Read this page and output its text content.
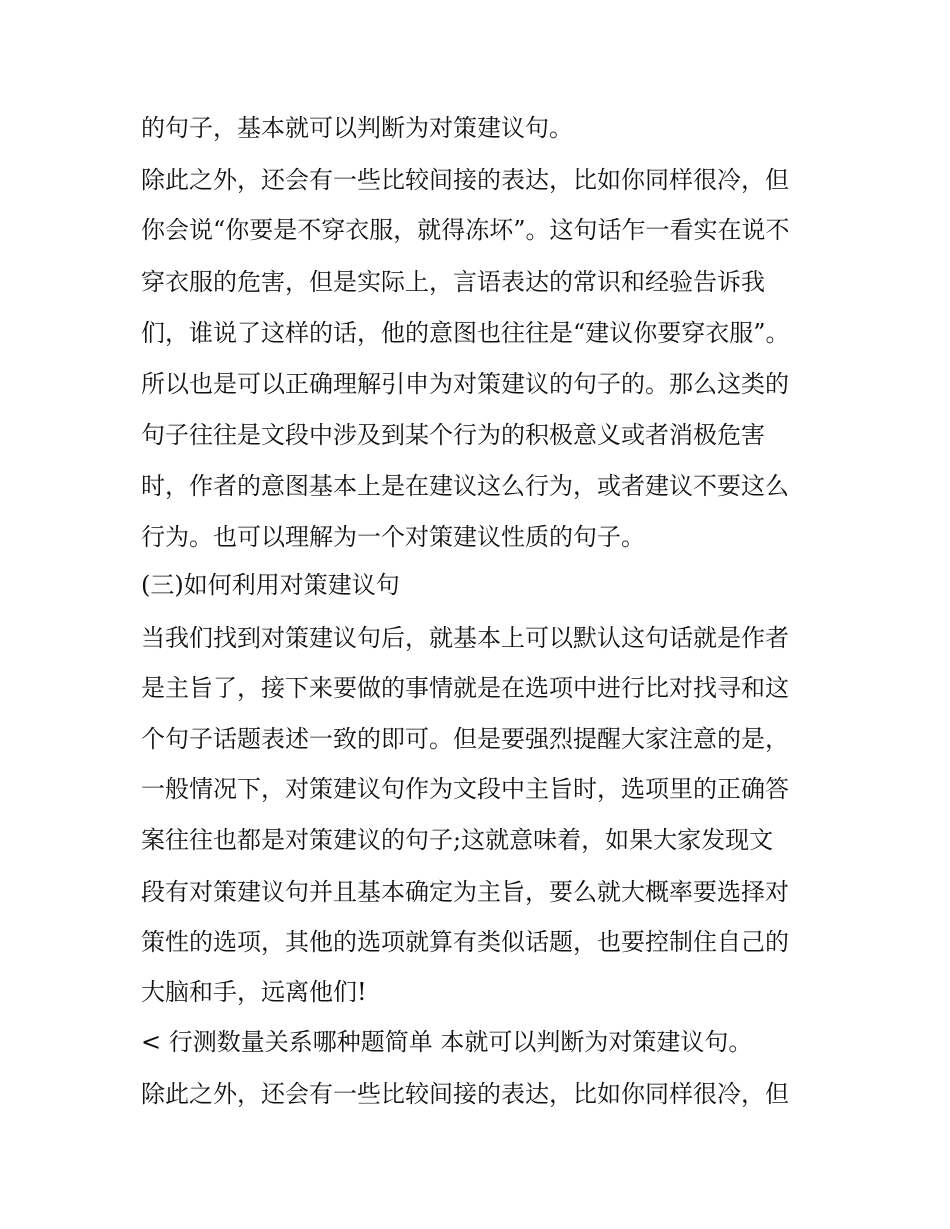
的句子，基本就可以判断为对策建议句。
除此之外，还会有一些比较间接的表达，比如你同样很冷，但
你会说“你要是不穿衣服，就得冻坏”。这句话乍一看实在说不
穿衣服的危害，但是实际上，言语表达的常识和经验告诉我
们，谁说了这样的话，他的意图也往往是“建议你要穿衣服”。
所以也是可以正确理解引申为对策建议的句子的。那么这类的
句子往往是文段中涉及到某个行为的积极意义或者消极危害
时，作者的意图基本上是在建议这么行为，或者建议不要这么
行为。也可以理解为一个对策建议性质的句子。
(三)如何利用对策建议句
当我们找到对策建议句后，就基本上可以默认这句话就是作者
是主旨了，接下来要做的事情就是在选项中进行比对找寻和这
个句子话题表述一致的即可。但是要强烈提醒大家注意的是，
一般情况下，对策建议句作为文段中主旨时，选项里的正确答
案往往也都是对策建议的句子;这就意味着，如果大家发现文
段有对策建议句并且基本确定为主旨，要么就大概率要选择对
策性的选项，其他的选项就算有类似话题，也要控制住自己的
大脑和手，远离他们!
< 行测数量关系哪种题简单 本就可以判断为对策建议句。
除此之外，还会有一些比较间接的表达，比如你同样很冷，但
